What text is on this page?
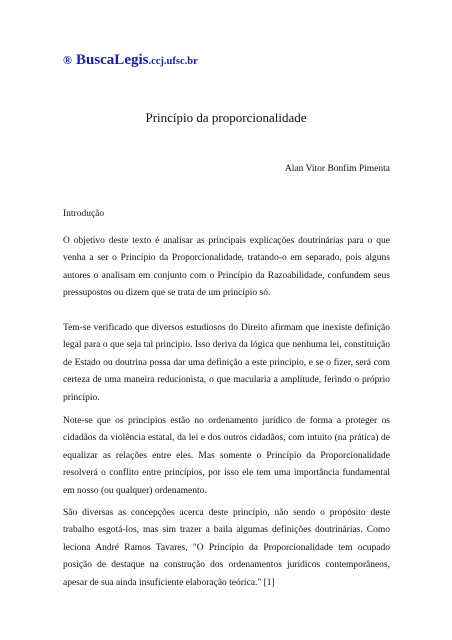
® BuscaLegis.ccj.ufsc.br
Princípio da proporcionalidade
Alan Vitor Bonfim Pimenta
Introdução

O objetivo deste texto é analisar as principais explicações doutrinárias para o que venha a ser o Princípio da Proporcionalidade, tratando-o em separado, pois alguns autores o analisam em conjunto com o Princípio da Razoabilidade, confundem seus pressupostos ou dizem que se trata de um princípio só.

Tem-se verificado que diversos estudiosos do Direito afirmam que inexiste definição legal para o que seja tal princípio. Isso deriva da lógica que nenhuma lei, constituição de Estado ou doutrina possa dar uma definição a este princípio, e se o fizer, será com certeza de uma maneira reducionista, o que macularia a amplitude, ferindo o próprio princípio.

Note-se que os princípios estão no ordenamento jurídico de forma a proteger os cidadãos da violência estatal, da lei e dos outros cidadãos, com intuito (na prática) de equalizar as relações entre eles. Mas somente o Princípio da Proporcionalidade resolverá o conflito entre princípios, por isso ele tem uma importância fundamental em nosso (ou qualquer) ordenamento.

São diversas as concepções acerca deste princípio, não sendo o propósito deste trabalho esgotá-los, mas sim trazer a baila algumas definições doutrinárias. Como leciona André Ramos Tavares, "O Princípio da Proporcionalidade tem ocupado posição de destaque na construção dos ordenamentos jurídicos contemporâneos, apesar de sua ainda insuficiente elaboração teórica." [1]
